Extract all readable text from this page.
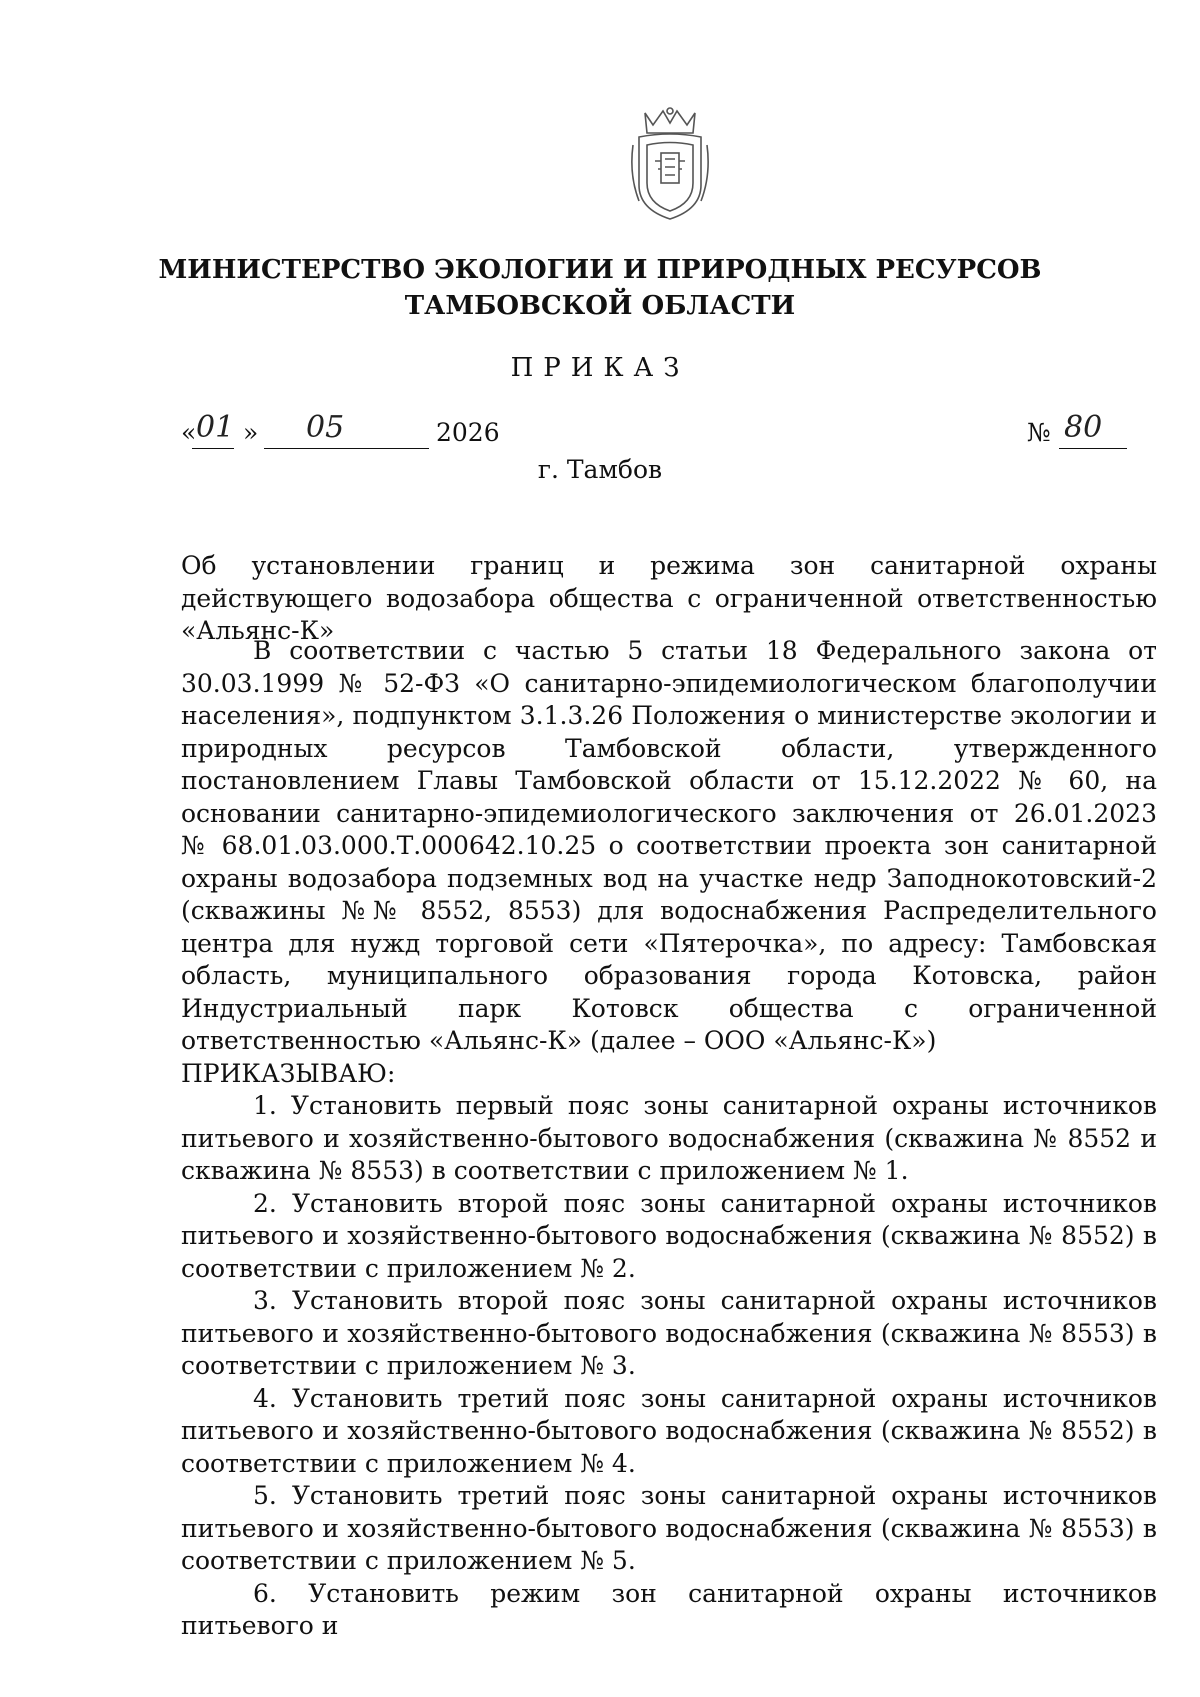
МИНИСТЕРСТВО ЭКОЛОГИИ И ПРИРОДНЫХ РЕСУРСОВ
ТАМБОВСКОЙ ОБЛАСТИ
ПРИКАЗ
« 01 » 05	2026	№ 80
г. Тамбов

Об установлении границ и режима зон санитарной охраны действующего водозабора общества с ограниченной ответственностью «Альянс-К»

В соответствии с частью 5 статьи 18 Федерального закона от 30.03.1999 № 52-ФЗ «О санитарно-эпидемиологическом благополучии населения», подпунктом 3.1.3.26 Положения о министерстве экологии и природных ресурсов Тамбовской области, утвержденного постановлением Главы Тамбовской области от 15.12.2022 № 60, на основании санитарно-эпидемиологического заключения от 26.01.2023 № 68.01.03.000.Т.000642.10.25 о соответствии проекта зон санитарной охраны водозабора подземных вод на участке недр Заподнокотовский-2 (скважины №№ 8552, 8553) для водоснабжения Распределительного центра для нужд торговой сети «Пятерочка», по адресу: Тамбовская область, муниципального образования города Котовска, район Индустриальный парк Котовск общества с ограниченной ответственностью «Альянс-К» (далее – ООО «Альянс-К»)

ПРИКАЗЫВАЮ:

1. Установить первый пояс зоны санитарной охраны источников питьевого и хозяйственно-бытового водоснабжения (скважина № 8552 и скважина № 8553) в соответствии с приложением № 1.

2. Установить второй пояс зоны санитарной охраны источников питьевого и хозяйственно-бытового водоснабжения (скважина № 8552) в соответствии с приложением № 2.

3. Установить второй пояс зоны санитарной охраны источников питьевого и хозяйственно-бытового водоснабжения (скважина № 8553) в соответствии с приложением № 3.

4. Установить третий пояс зоны санитарной охраны источников питьевого и хозяйственно-бытового водоснабжения (скважина № 8552) в соответствии с приложением № 4.

5. Установить третий пояс зоны санитарной охраны источников питьевого и хозяйственно-бытового водоснабжения (скважина № 8553) в соответствии с приложением № 5.

6. Установить режим зон санитарной охраны источников питьевого и
